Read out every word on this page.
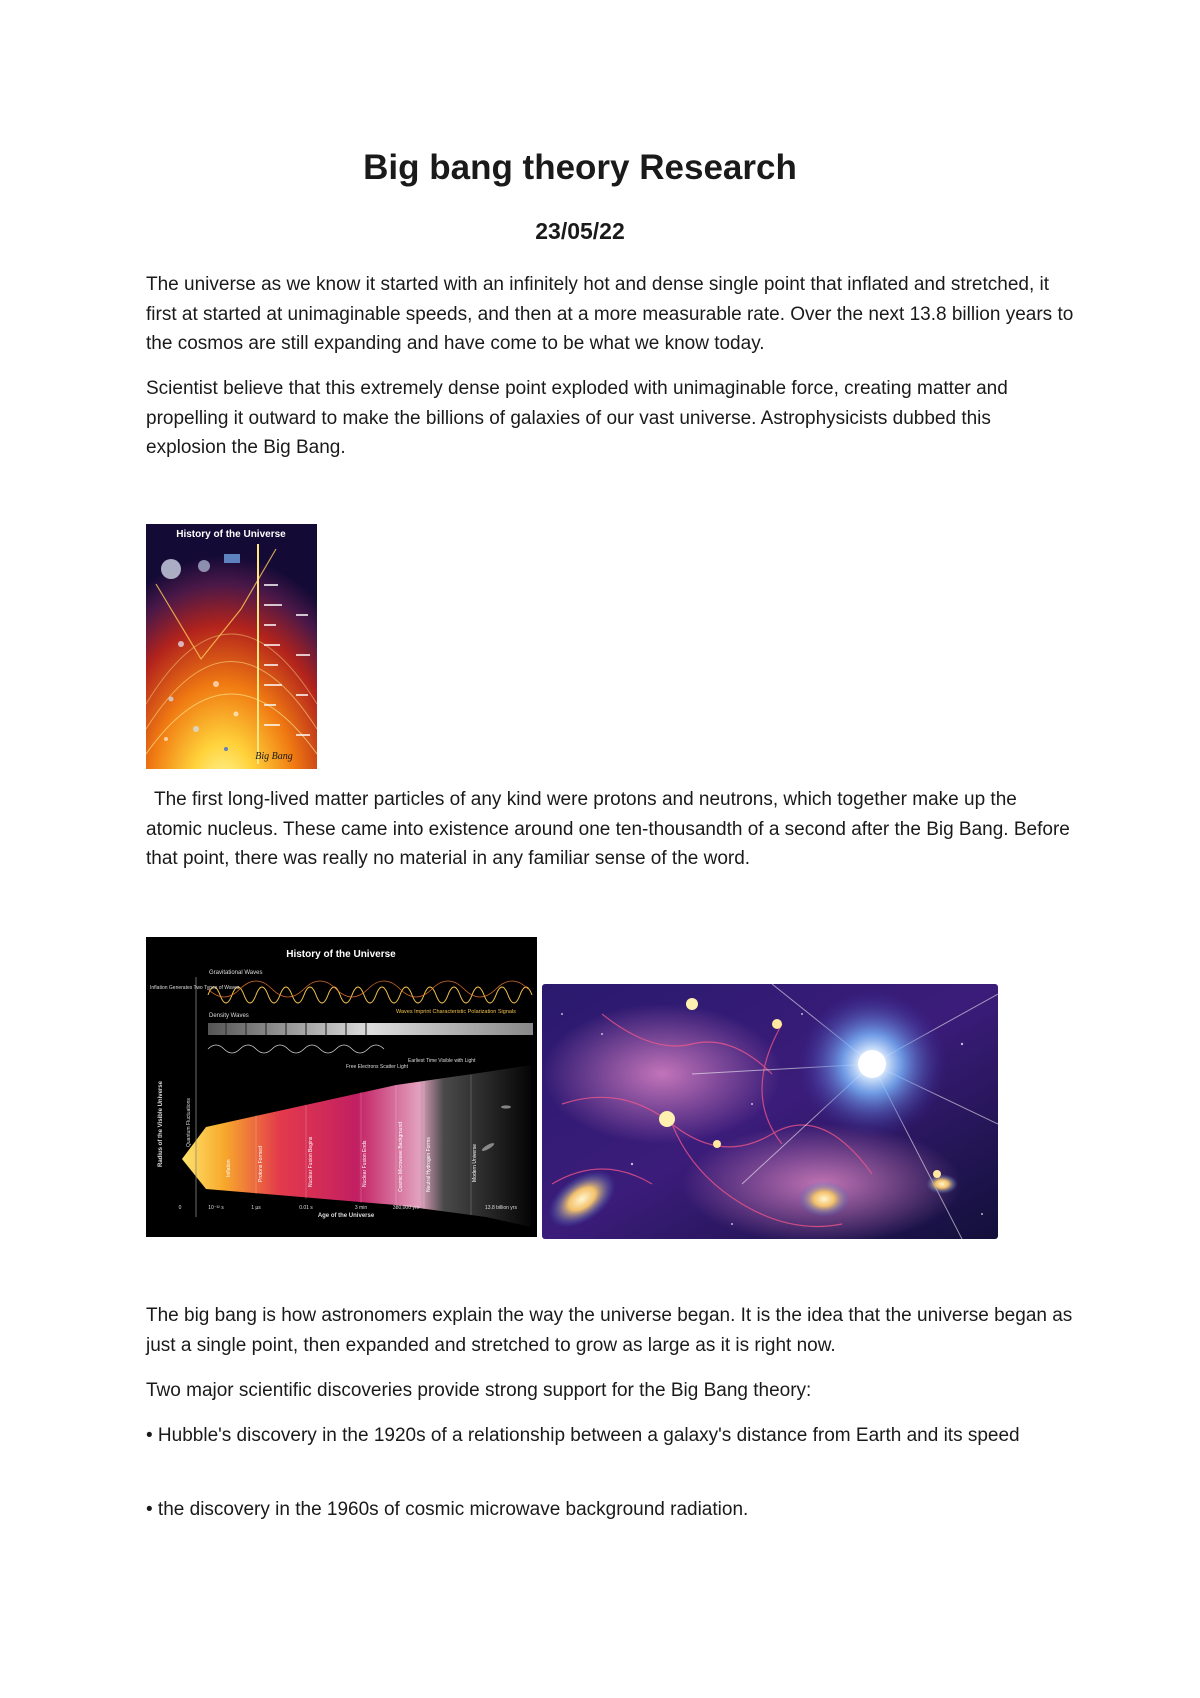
Big bang theory Research
23/05/22

The universe as we know it started with an infinitely hot and dense single point that inflated and stretched, it first at started at unimaginable speeds, and then at a more measurable rate. Over the next 13.8 billion years to the cosmos are still expanding and have come to be what we know today.

Scientist believe that this extremely dense point exploded with unimaginable force, creating matter and propelling it outward to make the billions of galaxies of our vast universe. Astrophysicists dubbed this explosion the Big Bang.

History of the Universe
Big Bang

The first long-lived matter particles of any kind were protons and neutrons, which together make up the atomic nucleus. These came into existence around one ten-thousandth of a second after the Big Bang. Before that point, there was really no material in any familiar sense of the word.

History of the Universe
Gravitational Waves
Inflation Generates Two Types of Waves
Density Waves
Waves Imprint Characteristic Polarization Signals
Free Electrons Scatter Light
Earliest Time Visible with Light
Inflation	Protons Formed	Nuclear Fusion Begins	Nuclear Fusion Ends	Cosmic Microwave Background	Neutral Hydrogen Forms	Modern Universe
Radius of the Visible Universe	Quantum Fluctuations
0	10⁻³² s	1 µs	0.01 s	3 min	380,000 yrs	13.8 billion yrs
Age of the Universe

The big bang is how astronomers explain the way the universe began. It is the idea that the universe began as just a single point, then expanded and stretched to grow as large as it is right now.

Two major scientific discoveries provide strong support for the Big Bang theory:

• Hubble's discovery in the 1920s of a relationship between a galaxy's distance from Earth and its speed

• the discovery in the 1960s of cosmic microwave background radiation.
